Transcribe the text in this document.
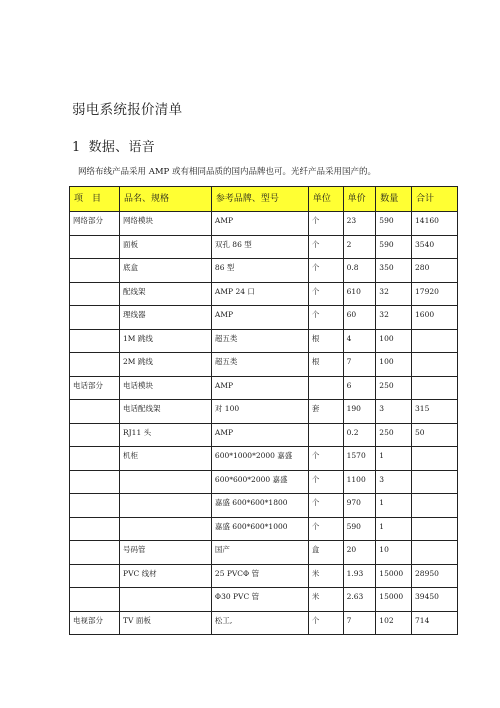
弱电系统报价清单
1 数据、语音

网络布线产品采用 AMP 或有相同品质的国内品牌也可。光纤产品采用国产的。

项　目	品名、规格	参考品牌、型号	单位	单价	数量	合计
网络部分	网络模块	AMP	个	23	590	14160
	面板	双孔 86 型	个	2	590	3540
	底盒	86 型	个	0.8	350	280
	配线架	AMP 24 口	个	610	32	17920
	理线器	AMP	个	60	32	1600
	1M 跳线	超五类	根	4	100	
	2M 跳线	超五类	根	7	100	
电话部分	电话模块	AMP		6	250	
	电话配线架	对 100	套	190	3	315
	RJ11 头	AMP		0.2	250	50
	机柜	600*1000*2000 嘉盛	个	1570	1	
		600*600*2000 嘉盛	个	1100	3	
		嘉盛 600*600*1800	个	970	1	
		嘉盛 600*600*1000	个	590	1	
	号码管	国产	盒	20	10	
	PVC 线材	25 PVCΦ 管	米	1.93	15000	28950
		Φ30 PVC 管	米	2.63	15000	39450
电视部分	TV 面板	松工,	个	7	102	714
